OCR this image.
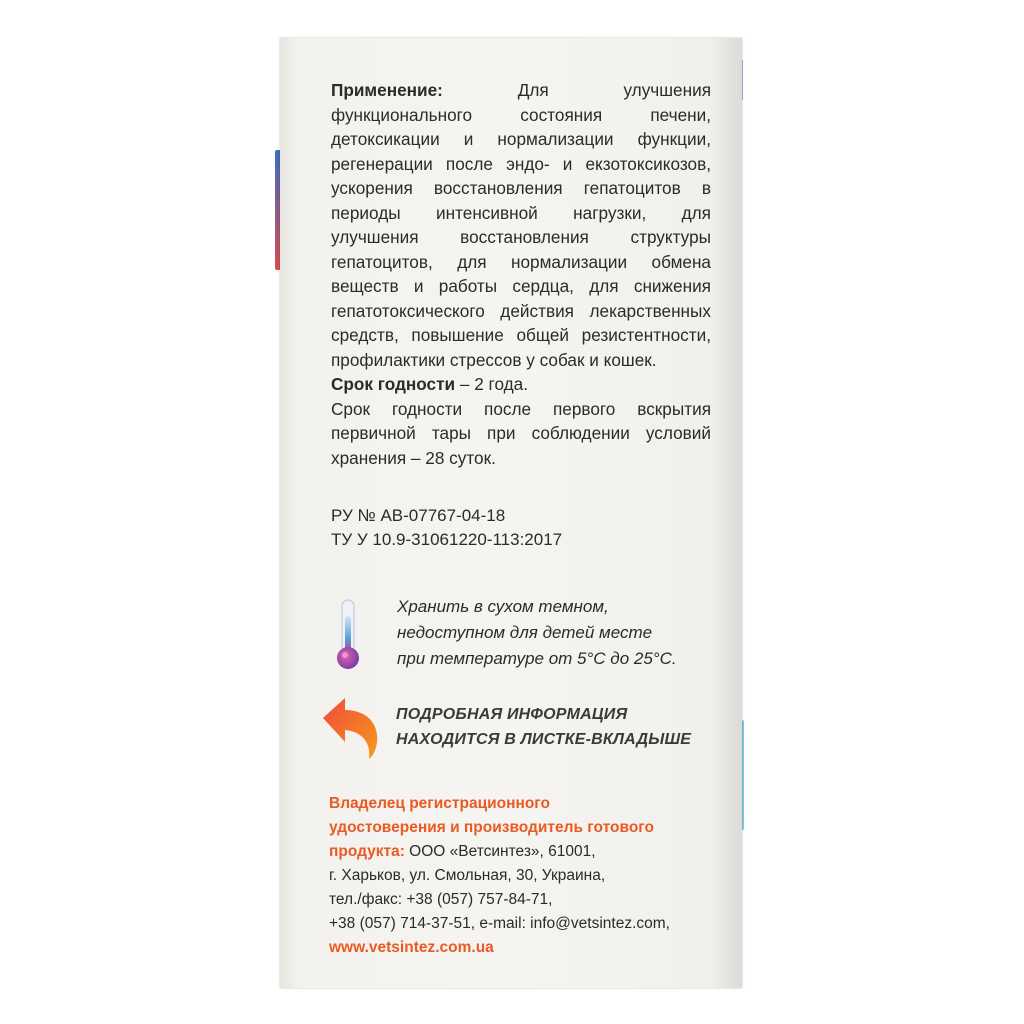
Применение:	Для улучшения функционального состояния печени, детоксикации и нормализации функции, регенерации после эндо- и екзотоксикозов, ускорения восстановления гепатоцитов в периоды интенсивной нагрузки, для улучшения восстановления структуры гепатоцитов, для нормализации обмена веществ и работы сердца, для снижения гепатотоксического действия лекарственных средств, повышение общей резистентности, профилактики стрессов у собак и кошек.

Срок годности – 2 года.

Срок годности после первого вскрытия первичной тары при соблюдении условий хранения – 28 суток.

РУ № АВ-07767-04-18
ТУ У 10.9-31061220-113:2017
Хранить в сухом темном,
недоступном для детей месте
при температуре от 5°С до 25°С.
ПОДРОБНАЯ ИНФОРМАЦИЯ
НАХОДИТСЯ В ЛИСТКЕ-ВКЛАДЫШЕ
Владелец регистрационного
удостоверения и производитель готового
продукта: ООО «Ветсинтез», 61001,
г. Харьков, ул. Смольная, 30, Украина,
тел./факс: +38 (057) 757-84-71,
+38 (057) 714-37-51, e-mail: info@vetsintez.com,
www.vetsintez.com.ua
